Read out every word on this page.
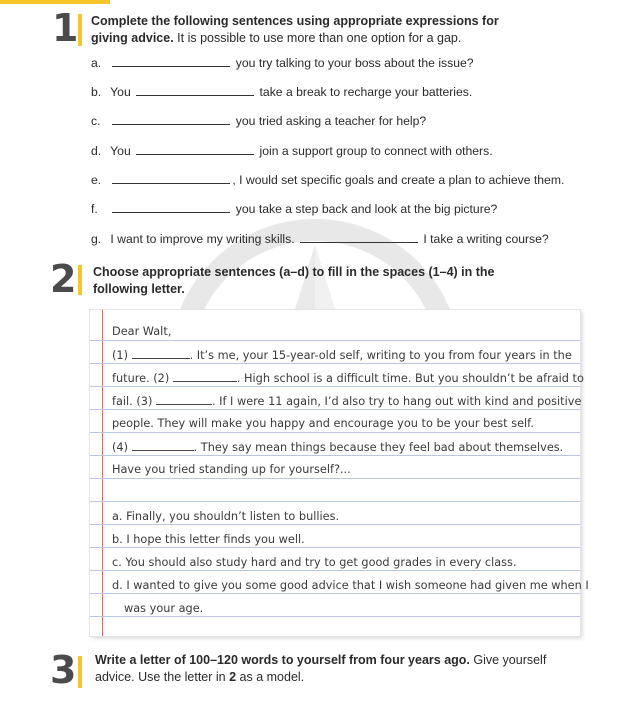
1 Complete the following sentences using appropriate expressions for giving advice. It is possible to use more than one option for a gap.
a.	you try talking to your boss about the issue?
b. You	take a break to recharge your batteries.
c.	you tried asking a teacher for help?
d. You	join a support group to connect with others.
e.	, I would set specific goals and create a plan to achieve them.
f.	you take a step back and look at the big picture?
g. I want to improve my writing skills.	I take a writing course?
2 Choose appropriate sentences (a–d) to fill in the spaces (1–4) in the
following letter.
Dear Walt,
(1)	. It’s me, your 15-year-old self, writing to you from four years in the
future. (2)	. High school is a difficult time. But you shouldn’t be afraid to
fail. (3)	. If I were 11 again, I’d also try to hang out with kind and positive
people. They will make you happy and encourage you to be your best self.
(4)	. They say mean things because they feel bad about themselves.
Have you tried standing up for yourself?...
a. Finally, you shouldn’t listen to bullies.
b. I hope this letter finds you well.
c. You should also study hard and try to get good grades in every class.
d. I wanted to give you some good advice that I wish someone had given me when I
was your age.
3 Write a letter of 100–120 words to yourself from four years ago. Give yourself
advice. Use the letter in 2 as a model.
